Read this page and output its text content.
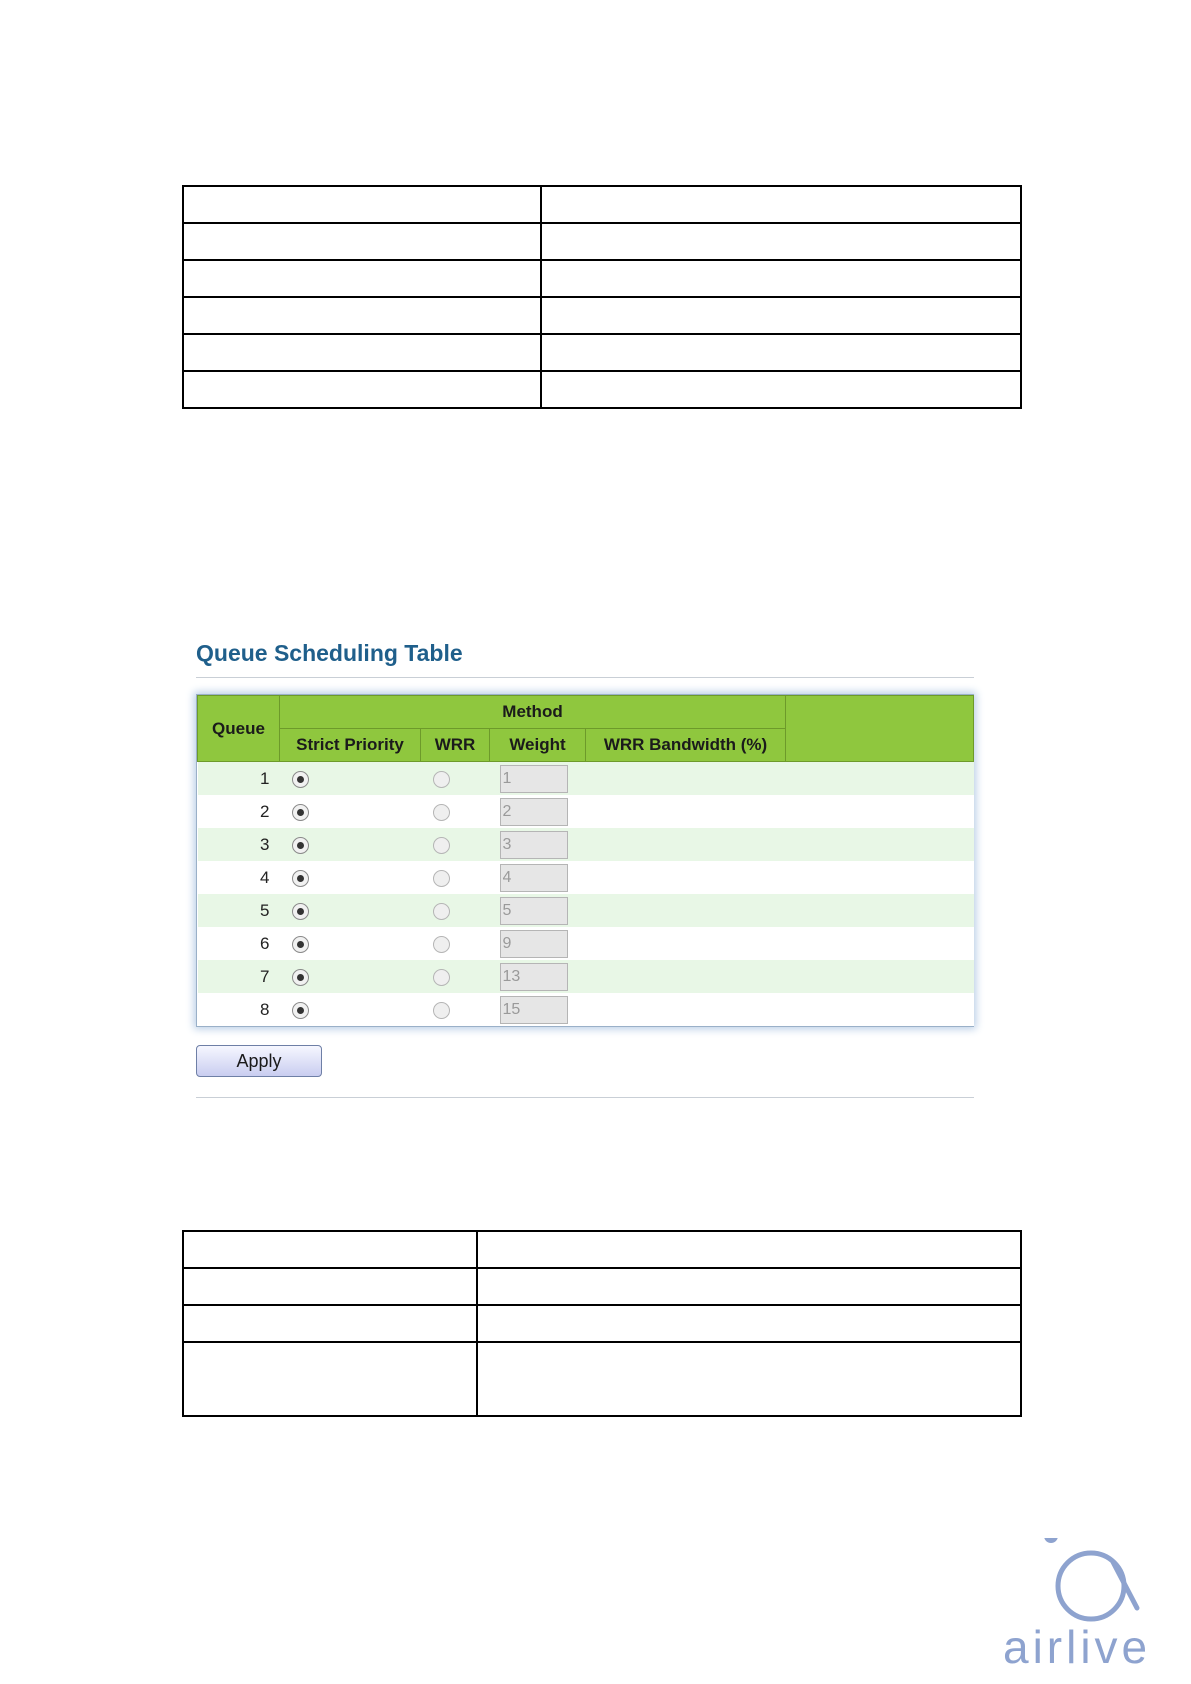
Queue Scheduling Table
Queue	Method				
	Strict Priority	WRR	Weight	WRR Bandwidth (%)	
1			1		
2			2		
3			3		
4			4		
5			5		
6			9		
7			13		
8			15		
Apply

airlive
